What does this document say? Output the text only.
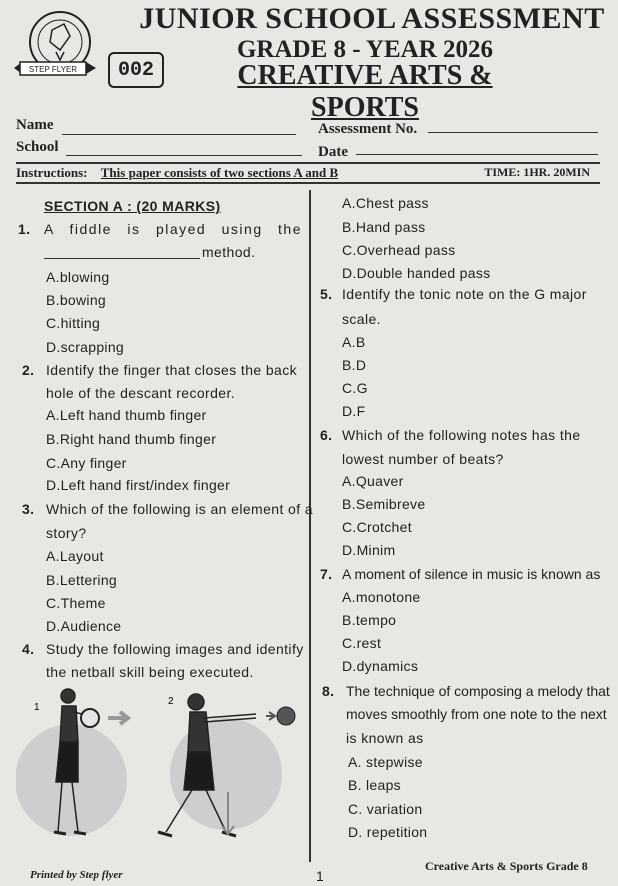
STEP FLYER	002
JUNIOR SCHOOL ASSESSMENT
GRADE 8 - YEAR 2026
CREATIVE ARTS & SPORTS
Name	Assessment No.
School	Date
Instructions: This paper consists of two sections A and B	TIME: 1HR. 20MIN
SECTION A : (20 MARKS)
1. A fiddle is played using the
method.
A.blowing
B.bowing
C.hitting
D.scrapping
2. Identify the finger that closes the back
hole of the descant recorder.
A.Left hand thumb finger
B.Right hand thumb finger
C.Any finger
D.Left hand first/index finger
3. Which of the following is an element of a
story?
A.Layout
B.Lettering
C.Theme
D.Audience
4. Study the following images and identify
the netball skill being executed.
1
2
A.Chest pass
B.Hand pass
C.Overhead pass
D.Double handed pass
5. Identify the tonic note on the G major
scale.
A.B
B.D
C.G
D.F
6. Which of the following notes has the
lowest number of beats?
A.Quaver
B.Semibreve
C.Crotchet
D.Minim
7. A moment of silence in music is known as
A.monotone
B.tempo
C.rest
D.dynamics
8. The technique of composing a melody that
moves smoothly from one note to the next
is known as
A. stepwise
B. leaps
C. variation
D. repetition
Printed by Step flyer	1
Creative Arts & Sports Grade 8
